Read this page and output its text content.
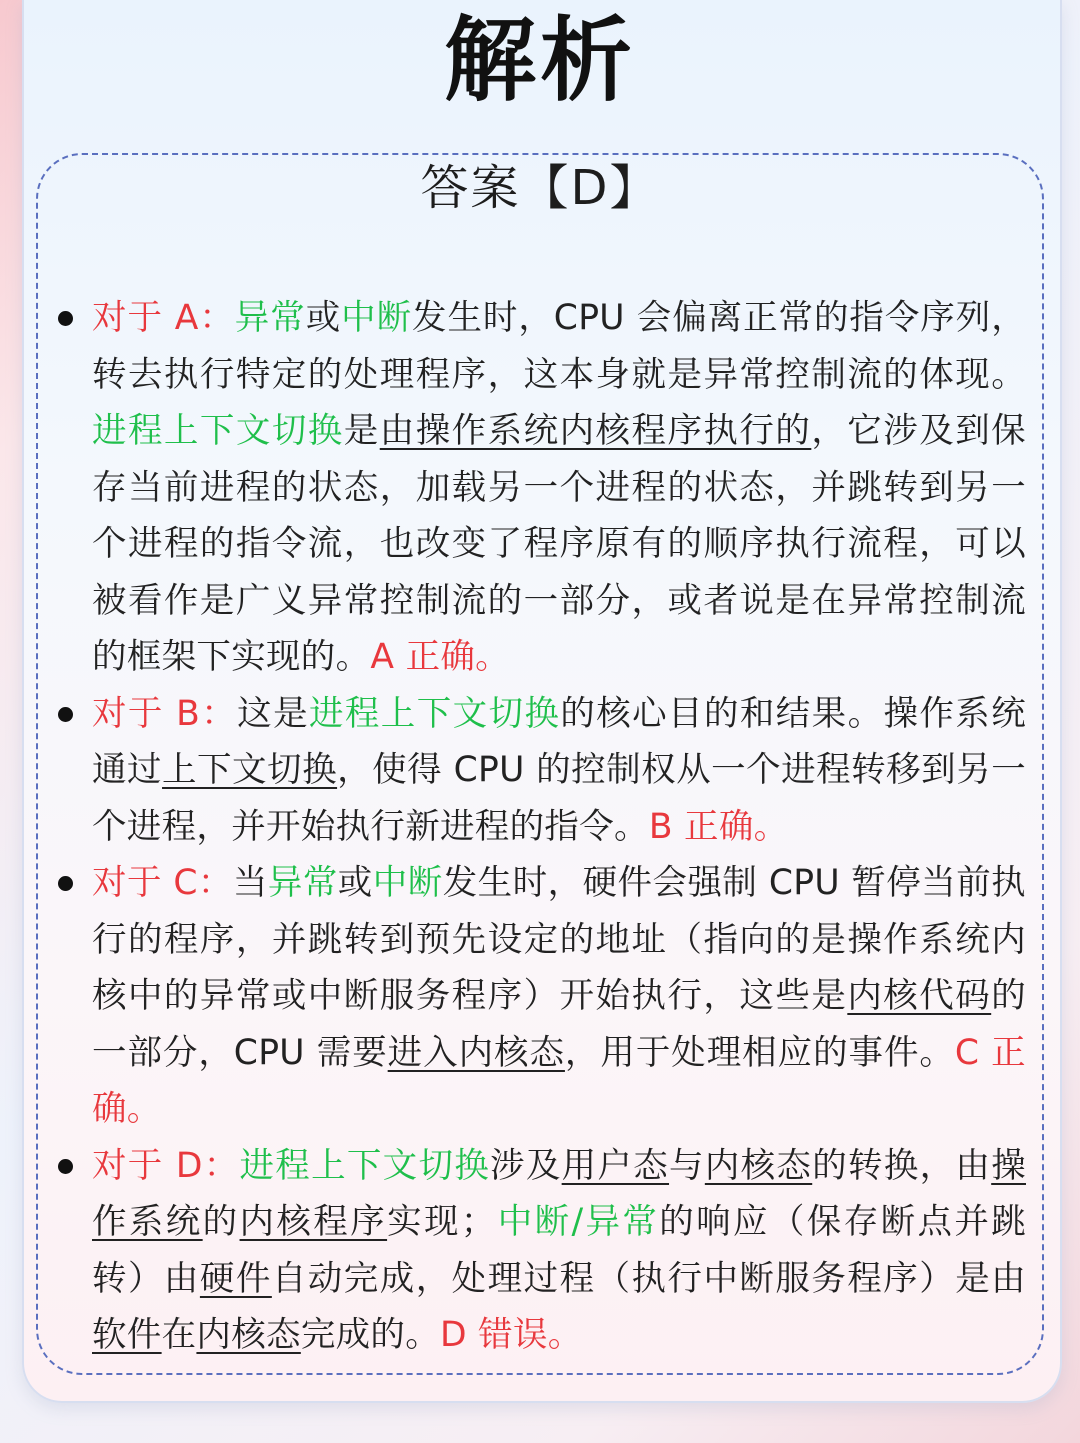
解析
答案【D】

对于 A：异常或中断发生时，CPU 会偏离正常的指令序列，转去执行特定的处理程序，这本身就是异常控制流的体现。进程上下文切换是由操作系统内核程序执行的，它涉及到保存当前进程的状态，加载另一个进程的状态，并跳转到另一个进程的指令流，也改变了程序原有的顺序执行流程，可以被看作是广义异常控制流的一部分，或者说是在异常控制流的框架下实现的。A 正确。

对于 B：这是进程上下文切换的核心目的和结果。操作系统通过上下文切换，使得 CPU 的控制权从一个进程转移到另一个进程，并开始执行新进程的指令。B 正确。

对于 C：当异常或中断发生时，硬件会强制 CPU 暂停当前执行的程序，并跳转到预先设定的地址（指向的是操作系统内核中的异常或中断服务程序）开始执行，这些是内核代码的一部分，CPU 需要进入内核态，用于处理相应的事件。C 正确。

对于 D：进程上下文切换涉及用户态与内核态的转换，由操作系统的内核程序实现；中断/异常的响应（保存断点并跳转）由硬件自动完成，处理过程（执行中断服务程序）是由软件在内核态完成的。D 错误。
